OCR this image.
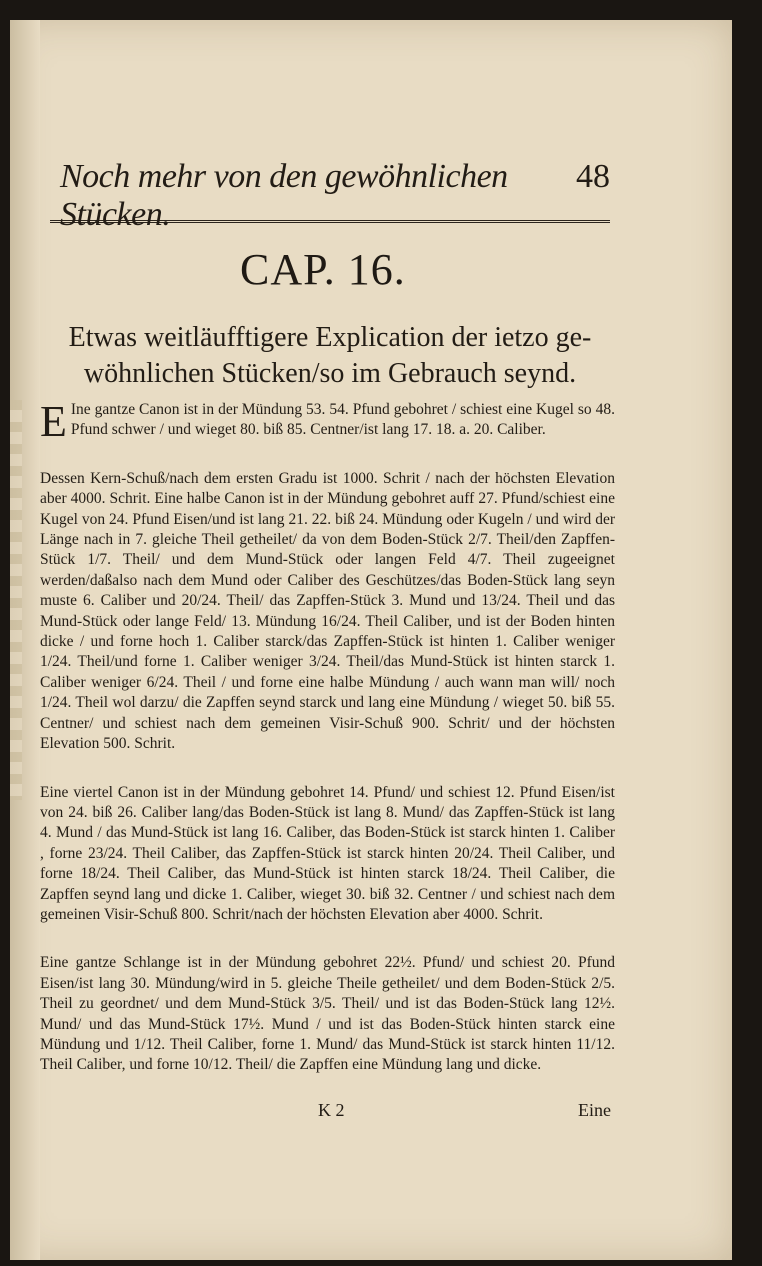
Noch mehr von den gewöhnlichen Stücken.
48
CAP. 16.
Etwas weitläufftigere Explication der ietzo ge-
wöhnlichen Stücken/so im Gebrauch seynd.

E Ine gantze Canon ist in der Mündung 53. 54. Pfund gebohret / schiest eine Kugel so 48. Pfund schwer / und wieget 80. biß 85. Centner/ist lang 17. 18. a. 20. Caliber.

Dessen Kern-Schuß/nach dem ersten Gradu ist 1000. Schrit / nach der höchsten Elevation aber 4000. Schrit. Eine halbe Canon ist in der Mündung gebohret auff 27. Pfund/schiest eine Kugel von 24. Pfund Eisen/und ist lang 21. 22. biß 24. Mündung oder Kugeln / und wird der Länge nach in 7. gleiche Theil getheilet/ da von dem Boden-Stück 2/7. Theil/den Zapffen-Stück 1/7. Theil/ und dem Mund-Stück oder langen Feld 4/7. Theil zugeeignet werden/daßalso nach dem Mund oder Caliber des Geschützes/das Boden-Stück lang seyn muste 6. Caliber und 20/24. Theil/ das Zapffen-Stück 3. Mund und 13/24. Theil und das Mund-Stück oder lange Feld/ 13. Mündung 16/24. Theil Caliber, und ist der Boden hinten dicke / und forne hoch 1. Caliber starck/das Zapffen-Stück ist hinten 1. Caliber weniger 1/24. Theil/und forne 1. Caliber weniger 3/24. Theil/das Mund-Stück ist hinten starck 1. Caliber weniger 6/24. Theil / und forne eine halbe Mündung / auch wann man will/ noch 1/24. Theil wol darzu/ die Zapffen seynd starck und lang eine Mündung / wieget 50. biß 55. Centner/ und schiest nach dem gemeinen Visir-Schuß 900. Schrit/ und der höchsten Elevation 500. Schrit.

Eine viertel Canon ist in der Mündung gebohret 14. Pfund/ und schiest 12. Pfund Eisen/ist von 24. biß 26. Caliber lang/das Boden-Stück ist lang 8. Mund/ das Zapffen-Stück ist lang 4. Mund / das Mund-Stück ist lang 16. Caliber, das Boden-Stück ist starck hinten 1. Caliber , forne 23/24. Theil Caliber, das Zapffen-Stück ist starck hinten 20/24. Theil Caliber, und forne 18/24. Theil Caliber, das Mund-Stück ist hinten starck 18/24. Theil Caliber, die Zapffen seynd lang und dicke 1. Caliber, wieget 30. biß 32. Centner / und schiest nach dem gemeinen Visir-Schuß 800. Schrit/nach der höchsten Elevation aber 4000. Schrit.

Eine gantze Schlange ist in der Mündung gebohret 22½. Pfund/ und schiest 20. Pfund Eisen/ist lang 30. Mündung/wird in 5. gleiche Theile getheilet/ und dem Boden-Stück 2/5. Theil zu geordnet/ und dem Mund-Stück 3/5. Theil/ und ist das Boden-Stück lang 12½. Mund/ und das Mund-Stück 17½. Mund / und ist das Boden-Stück hinten starck eine Mündung und 1/12. Theil Caliber, forne 1. Mund/ das Mund-Stück ist starck hinten 11/12. Theil Caliber, und forne 10/12. Theil/ die Zapffen eine Mündung lang und dicke.

K 2	Eine
